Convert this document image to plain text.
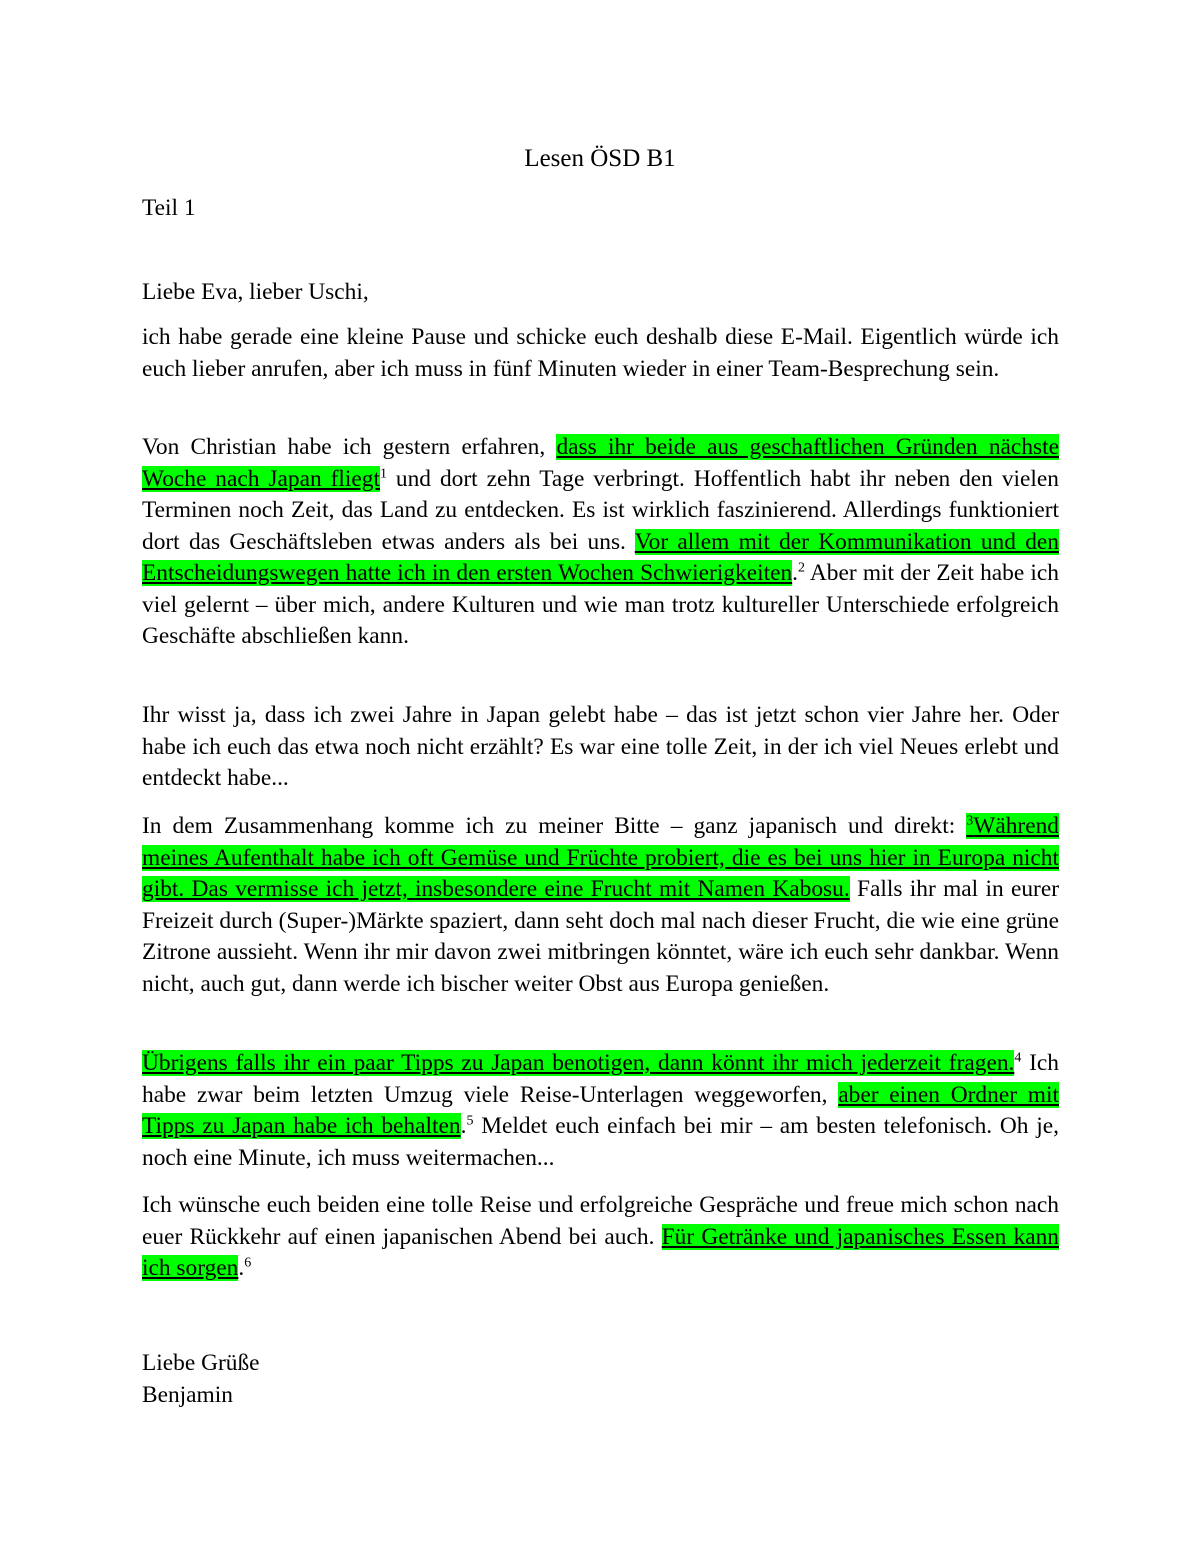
Lesen ÖSD B1

Teil 1

Liebe Eva, lieber Uschi,

ich habe gerade eine kleine Pause und schicke euch deshalb diese E-Mail. Eigentlich würde ich euch lieber anrufen, aber ich muss in fünf Minuten wieder in einer Team-Besprechung sein.

Von Christian habe ich gestern erfahren, dass ihr beide aus geschaftlichen Gründen nächste Woche nach Japan fliegt$^1$ und dort zehn Tage verbringt. Hoffentlich habt ihr neben den vielen Terminen noch Zeit, das Land zu entdecken. Es ist wirklich faszinierend. Allerdings funktioniert dort das Geschäftsleben etwas anders als bei uns. Vor allem mit der Kommunikation und den Entscheidungswegen hatte ich in den ersten Wochen Schwierigkeiten.$^2$ Aber mit der Zeit habe ich viel gelernt – über mich, andere Kulturen und wie man trotz kultureller Unterschiede erfolgreich Geschäfte abschließen kann.

Ihr wisst ja, dass ich zwei Jahre in Japan gelebt habe – das ist jetzt schon vier Jahre her. Oder habe ich euch das etwa noch nicht erzählt? Es war eine tolle Zeit, in der ich viel Neues erlebt und entdeckt habe...

In dem Zusammenhang komme ich zu meiner Bitte – ganz japanisch und direkt: $^3$Während meines Aufenthalt habe ich oft Gemüse und Früchte probiert, die es bei uns hier in Europa nicht gibt. Das vermisse ich jetzt, insbesondere eine Frucht mit Namen Kabosu. Falls ihr mal in eurer Freizeit durch (Super-)Märkte spaziert, dann seht doch mal nach dieser Frucht, die wie eine grüne Zitrone aussieht. Wenn ihr mir davon zwei mitbringen könntet, wäre ich euch sehr dankbar. Wenn nicht, auch gut, dann werde ich bischer weiter Obst aus Europa genießen.

Übrigens falls ihr ein paar Tipps zu Japan benotigen, dann könnt ihr mich jederzeit fragen.$^4$ Ich habe zwar beim letzten Umzug viele Reise-Unterlagen weggeworfen, aber einen Ordner mit Tipps zu Japan habe ich behalten.$^5$ Meldet euch einfach bei mir – am besten telefonisch. Oh je, noch eine Minute, ich muss weitermachen...

Ich wünsche euch beiden eine tolle Reise und erfolgreiche Gespräche und freue mich schon nach euer Rückkehr auf einen japanischen Abend bei auch. Für Getränke und japanisches Essen kann ich sorgen.$^6$

Liebe Grüße
Benjamin
